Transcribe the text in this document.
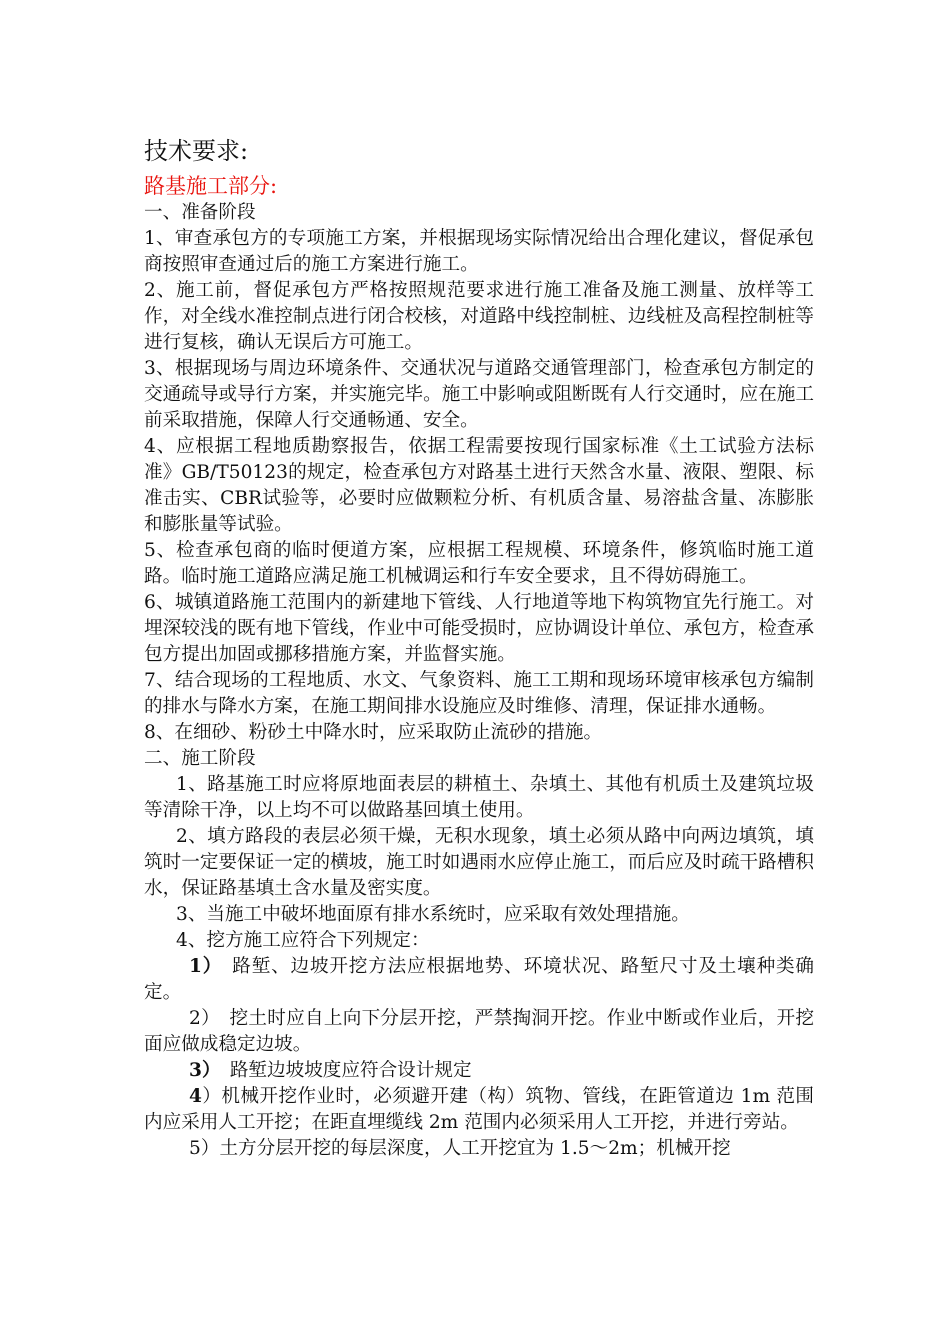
技术要求:

路基施工部分:

一、准备阶段

1、审查承包方的专项施工方案，并根据现场实际情况给出合理化建议，督促承包商按照审查通过后的施工方案进行施工。

2、施工前，督促承包方严格按照规范要求进行施工准备及施工测量、放样等工作，对全线水准控制点进行闭合校核，对道路中线控制桩、边线桩及高程控制桩等进行复核，确认无误后方可施工。

3、根据现场与周边环境条件、交通状况与道路交通管理部门，检查承包方制定的交通疏导或导行方案，并实施完毕。施工中影响或阻断既有人行交通时，应在施工前采取措施，保障人行交通畅通、安全。

4、应根据工程地质勘察报告，依据工程需要按现行国家标准《土工试验方法标准》GB/T50123的规定，检查承包方对路基土进行天然含水量、液限、塑限、标准击实、CBR试验等，必要时应做颗粒分析、有机质含量、易溶盐含量、冻膨胀和膨胀量等试验。

5、检查承包商的临时便道方案，应根据工程规模、环境条件，修筑临时施工道路。临时施工道路应满足施工机械调运和行车安全要求，且不得妨碍施工。

6、城镇道路施工范围内的新建地下管线、人行地道等地下构筑物宜先行施工。对埋深较浅的既有地下管线，作业中可能受损时，应协调设计单位、承包方，检查承包方提出加固或挪移措施方案，并监督实施。

7、结合现场的工程地质、水文、气象资料、施工工期和现场环境审核承包方编制的排水与降水方案，在施工期间排水设施应及时维修、清理，保证排水通畅。

8、在细砂、粉砂土中降水时，应采取防止流砂的措施。

二、施工阶段

1、路基施工时应将原地面表层的耕植土、杂填土、其他有机质土及建筑垃圾等清除干净，以上均不可以做路基回填土使用。

2、填方路段的表层必须干燥，无积水现象，填土必须从路中向两边填筑，填筑时一定要保证一定的横坡，施工时如遇雨水应停止施工，而后应及时疏干路槽积水，保证路基填土含水量及密实度。

3、当施工中破坏地面原有排水系统时，应采取有效处理措施。

4、挖方施工应符合下列规定：

1）　路堑、边坡开挖方法应根据地势、环境状况、路堑尺寸及土壤种类确定。

2）　挖土时应自上向下分层开挖，严禁掏洞开挖。作业中断或作业后，开挖面应做成稳定边坡。

3）　路堑边坡坡度应符合设计规定

4）机械开挖作业时，必须避开建（构）筑物、管线，在距管道边 1m 范围内应采用人工开挖；在距直埋缆线 2m 范围内必须采用人工开挖，并进行旁站。

5）土方分层开挖的每层深度，人工开挖宜为 1.5～2m；机械开挖
